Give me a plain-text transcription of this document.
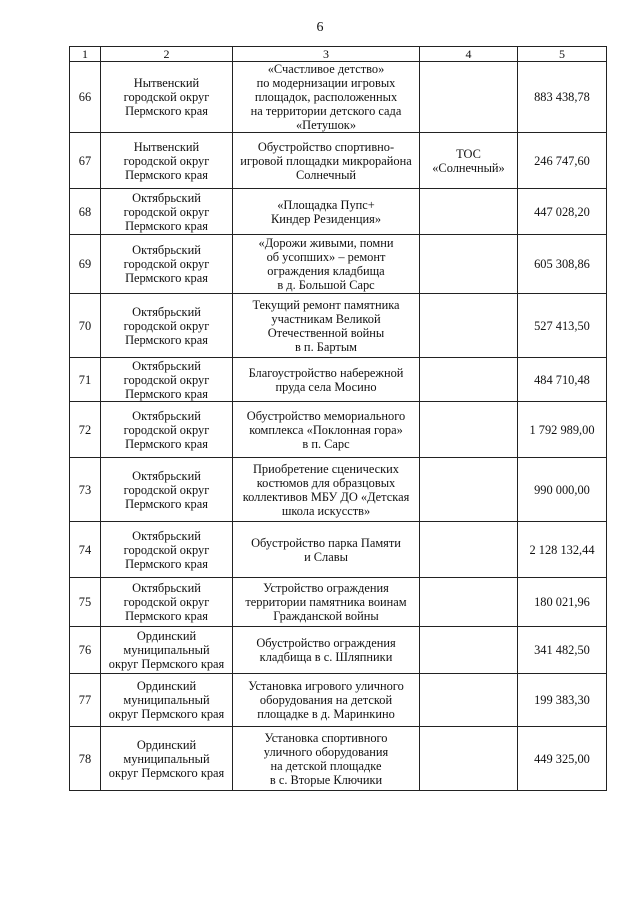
6
1	2	3	4	5
66	Нытвенский
городской округ
Пермского края	«Счастливое детство»
по модернизации игровых
площадок, расположенных
на территории детского сада
«Петушок»		883 438,78
67	Нытвенский
городской округ
Пермского края	Обустройство спортивно-
игровой площадки микрорайона
Солнечный	ТОС
«Солнечный»	246 747,60
68	Октябрьский
городской округ
Пермского края	«Площадка Пупс+
Киндер Резиденция»		447 028,20
69	Октябрьский
городской округ
Пермского края	«Дорожи живыми, помни
об усопших» – ремонт
ограждения кладбища
в д. Большой Сарс		605 308,86
70	Октябрьский
городской округ
Пермского края	Текущий ремонт памятника
участникам Великой
Отечественной войны
в п. Бартым		527 413,50
71	Октябрьский
городской округ
Пермского края	Благоустройство набережной
пруда села Мосино		484 710,48
72	Октябрьский
городской округ
Пермского края	Обустройство мемориального
комплекса «Поклонная гора»
в п. Сарс		1 792 989,00
73	Октябрьский
городской округ
Пермского края	Приобретение сценических
костюмов для образцовых
коллективов МБУ ДО «Детская
школа искусств»		990 000,00
74	Октябрьский
городской округ
Пермского края	Обустройство парка Памяти
и Славы		2 128 132,44
75	Октябрьский
городской округ
Пермского края	Устройство ограждения
территории памятника воинам
Гражданской войны		180 021,96
76	Ординский
муниципальный
округ Пермского края	Обустройство ограждения
кладбища в с. Шляпники		341 482,50
77	Ординский
муниципальный
округ Пермского края	Установка игрового уличного
оборудования на детской
площадке в д. Маринкино		199 383,30
78	Ординский
муниципальный
округ Пермского края	Установка спортивного
уличного оборудования
на детской площадке
в с. Вторые Ключики		449 325,00
